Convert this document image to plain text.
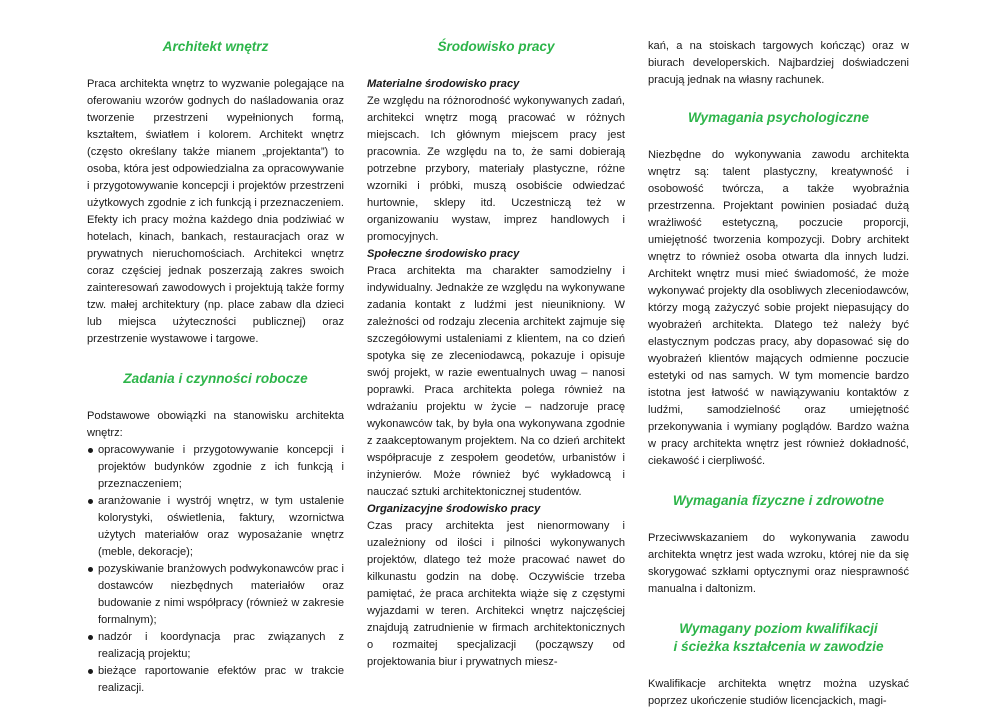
Architekt wnętrz

Praca architekta wnętrz to wyzwanie polegające na oferowaniu wzorów godnych do naśladowania oraz tworzenie przestrzeni wypełnionych formą, kształtem, światłem i kolorem. Architekt wnętrz (często określany także mianem „projektanta”) to osoba, która jest odpowiedzialna za opracowywanie i przygotowywanie koncepcji i projektów przestrzeni użytkowych zgodnie z ich funkcją i przeznaczeniem. Efekty ich pracy można każdego dnia podziwiać w hotelach, kinach, bankach, restauracjach oraz w prywatnych nieruchomościach. Architekci wnętrz coraz częściej jednak poszerzają zakres swoich zainteresowań zawodowych i projektują także formy tzw. małej architektury (np. place zabaw dla dzieci lub miejsca użyteczności publicznej) oraz przestrzenie wystawowe i targowe.

Zadania i czynności robocze

Podstawowe obowiązki na stanowisku architekta wnętrz:

opracowywanie i przygotowywanie koncepcji i projektów budynków zgodnie z ich funkcją i przeznaczeniem;
aranżowanie i wystrój wnętrz, w tym ustalenie kolorystyki, oświetlenia, faktury, wzornictwa użytych materiałów oraz wyposażanie wnętrz (meble, dekoracje);
pozyskiwanie branżowych podwykonawców prac i dostawców niezbędnych materiałów oraz budowanie z nimi współpracy (również w zakresie formalnym);
nadzór i koordynacja prac związanych z realizacją projektu;
bieżące raportowanie efektów prac w trakcie realizacji.
Środowisko pracy
Materialne środowisko pracy

Ze względu na różnorodność wykonywanych zadań, architekci wnętrz mogą pracować w różnych miejscach. Ich głównym miejscem pracy jest pracownia. Ze względu na to, że sami dobierają potrzebne przybory, materiały plastyczne, różne wzorniki i próbki, muszą osobiście odwiedzać hurtownie, sklepy itd. Uczestniczą też w organizowaniu wystaw, imprez handlowych i promocyjnych.

Społeczne środowisko pracy

Praca architekta ma charakter samodzielny i indywidualny. Jednakże ze względu na wykonywane zadania kontakt z ludźmi jest nieunikniony. W zależności od rodzaju zlecenia architekt zajmuje się szczegółowymi ustaleniami z klientem, na co dzień spotyka się ze zleceniodawcą, pokazuje i opisuje swój projekt, w razie ewentualnych uwag – nanosi poprawki. Praca architekta polega również na wdrażaniu projektu w życie – nadzoruje pracę wykonawców tak, by była ona wykonywana zgodnie z zaakceptowanym projektem. Na co dzień architekt współpracuje z zespołem geodetów, urbanistów i inżynierów. Może również być wykładowcą i nauczać sztuki architektonicznej studentów.

Organizacyjne środowisko pracy

Czas pracy architekta jest nienormowany i uzależniony od ilości i pilności wykonywanych projektów, dlatego też może pracować nawet do kilkunastu godzin na dobę. Oczywiście trzeba pamiętać, że praca architekta wiąże się z częstymi wyjazdami w teren. Architekci wnętrz najczęściej znajdują zatrudnienie w firmach architektonicznych o rozmaitej specjalizacji (począwszy od projektowania biur i prywatnych miesz-

kań, a na stoiskach targowych kończąc) oraz w biurach developerskich. Najbardziej doświadczeni pracują jednak na własny rachunek.

Wymagania psychologiczne

Niezbędne do wykonywania zawodu architekta wnętrz są: talent plastyczny, kreatywność i osobowość twórcza, a także wyobraźnia przestrzenna. Projektant powinien posiadać dużą wrażliwość estetyczną, poczucie proporcji, umiejętność tworzenia kompozycji. Dobry architekt wnętrz to również osoba otwarta dla innych ludzi. Architekt wnętrz musi mieć świadomość, że może wykonywać projekty dla osobliwych zleceniodawców, którzy mogą zażyczyć sobie projekt niepasujący do wyobrażeń architekta. Dlatego też należy być elastycznym podczas pracy, aby dopasować się do wyobrażeń klientów mających odmienne poczucie estetyki od nas samych. W tym momencie bardzo istotna jest łatwość w nawiązywaniu kontaktów z ludźmi, samodzielność oraz umiejętność przekonywania i wymiany poglądów. Bardzo ważna w pracy architekta wnętrz jest również dokładność, ciekawość i cierpliwość.

Wymagania fizyczne i zdrowotne

Przeciwwskazaniem do wykonywania zawodu architekta wnętrz jest wada wzroku, której nie da się skorygować szkłami optycznymi oraz niesprawność manualna i daltonizm.

Wymagany poziom kwalifikacji
i ścieżka kształcenia w zawodzie

Kwalifikacje architekta wnętrz można uzyskać poprzez ukończenie studiów licencjackich, magi-
